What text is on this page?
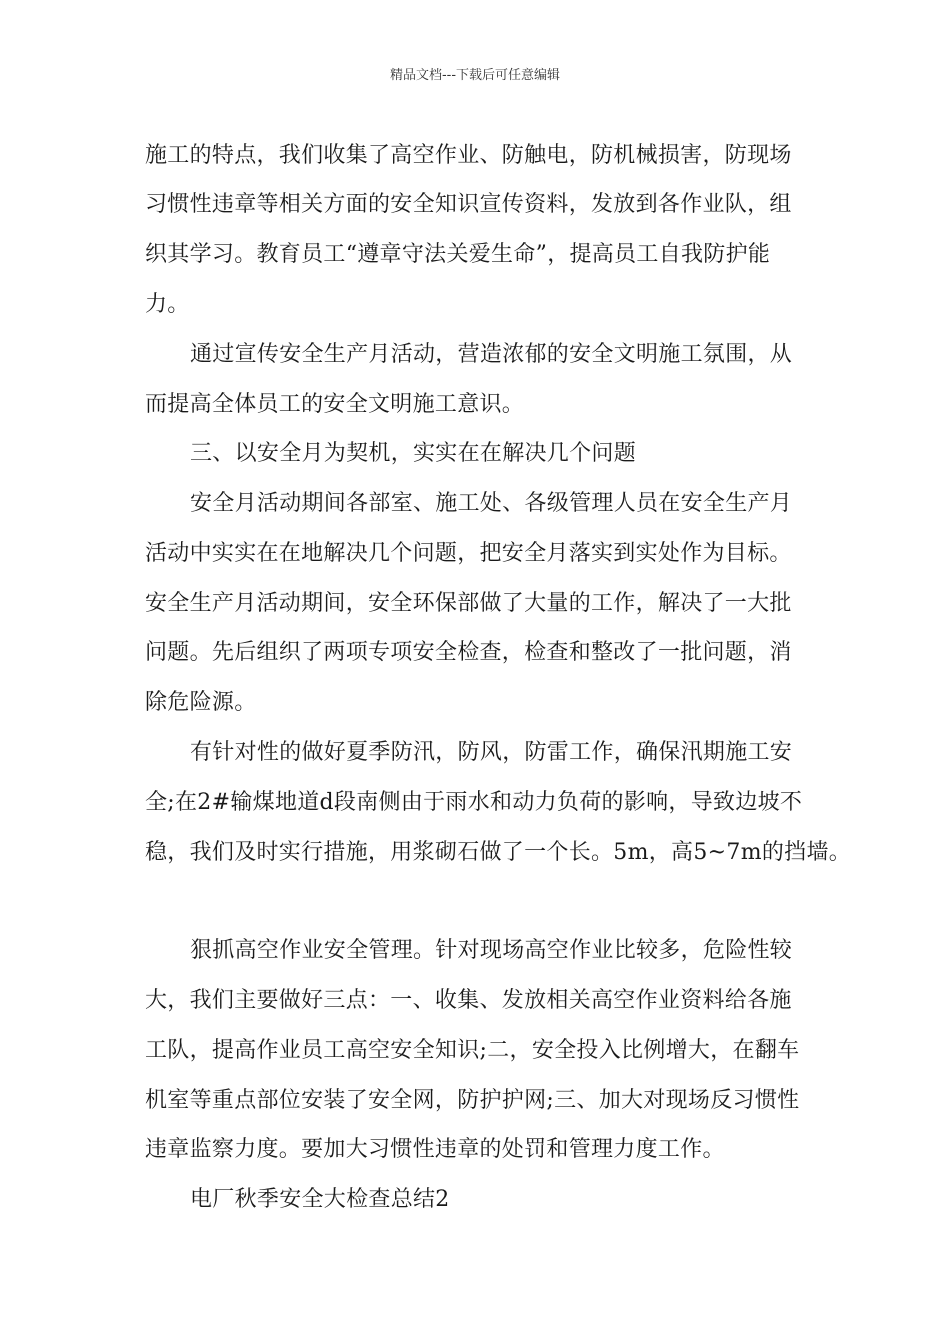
精品文档---下载后可任意编辑
施工的特点，我们收集了高空作业、防触电，防机械损害，防现场
习惯性违章等相关方面的安全知识宣传资料，发放到各作业队，组
织其学习。教育员工“遵章守法关爱生命”，提高员工自我防护能
力。
通过宣传安全生产月活动，营造浓郁的安全文明施工氛围，从
而提高全体员工的安全文明施工意识。
三、以安全月为契机，实实在在解决几个问题
安全月活动期间各部室、施工处、各级管理人员在安全生产月
活动中实实在在地解决几个问题，把安全月落实到实处作为目标。
安全生产月活动期间，安全环保部做了大量的工作，解决了一大批
问题。先后组织了两项专项安全检查，检查和整改了一批问题，消
除危险源。
有针对性的做好夏季防汛，防风，防雷工作，确保汛期施工安
全;在2#输煤地道d段南侧由于雨水和动力负荷的影响，导致边坡不
稳，我们及时实行措施，用浆砌石做了一个长。5m，高5~7m的挡墙。
狠抓高空作业安全管理。针对现场高空作业比较多，危险性较
大，我们主要做好三点：一、收集、发放相关高空作业资料给各施
工队，提高作业员工高空安全知识;二，安全投入比例增大，在翻车
机室等重点部位安装了安全网，防护护网;三、加大对现场反习惯性
违章监察力度。要加大习惯性违章的处罚和管理力度工作。
电厂秋季安全大检查总结2
